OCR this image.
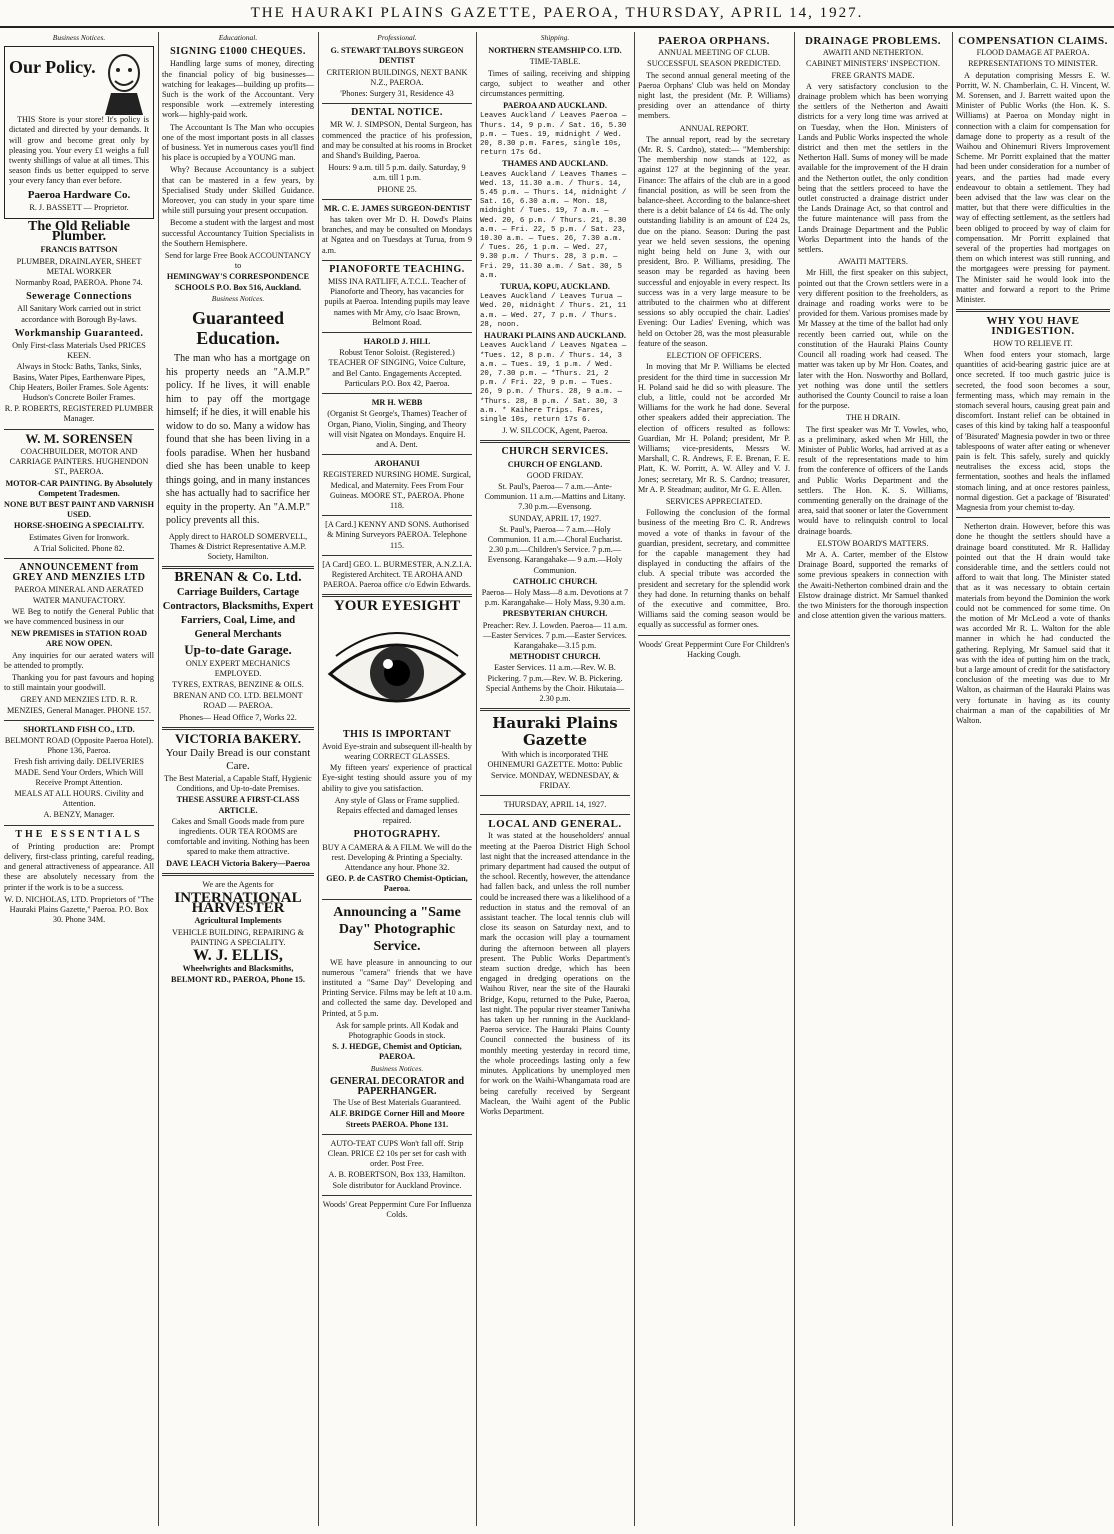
THE HAURAKI PLAINS GAZETTE, PAEROA, THURSDAY, APRIL 14, 1927.
Business Notices.
Our Policy.
THIS Store is your store! It's policy is dictated and directed by your demands. It will grow and become great only by pleasing you. Your every £1 weighs a full twenty shillings of value at all times. This season finds us better equipped to serve your every fancy than ever before.
Paeroa Hardware Co.
R. J. BASSETT — Proprietor.
The Old Reliable Plumber.
FRANCIS BATTSON
PLUMBER, DRAINLAYER, SHEET METAL WORKER
Normanby Road, PAEROA. Phone 74.
Sewerage Connections
All Sanitary Work carried out in strict accordance with Borough By-laws.
Workmanship Guaranteed.
Only First-class Materials Used PRICES KEEN.
Always in Stock: Baths, Tanks, Sinks, Basins, Water Pipes, Earthenware Pipes, Chip Heaters, Boiler Frames. Sole Agents: Hudson's Concrete Boiler Frames.
R. P. ROBERTS, REGISTERED PLUMBER Manager.
W. M. SORENSEN
COACHBUILDER, MOTOR AND CARRIAGE PAINTERS. HUGHENDON ST., PAEROA.
MOTOR-CAR PAINTING. By Absolutely Competent Tradesmen.
NONE BUT BEST PAINT AND VARNISH USED.
HORSE-SHOEING A SPECIALITY.
Estimates Given for Ironwork.
A Trial Solicited. Phone 82.
ANNOUNCEMENT from GREY AND MENZIES LTD
PAEROA MINERAL AND AERATED WATER MANUFACTORY.
WE Beg to notify the General Public that we have commenced business in our
NEW PREMISES in STATION ROAD ARE NOW OPEN.
Any inquiries for our aerated waters will be attended to promptly.
Thanking you for past favours and hoping to still maintain your goodwill.
GREY AND MENZIES LTD. R. R. MENZIES, General Manager. PHONE 157.
SHORTLAND FISH CO., LTD.
BELMONT ROAD (Opposite Paeroa Hotel). Phone 136, Paeroa.
Fresh fish arriving daily. DELIVERIES MADE. Send Your Orders, Which Will Receive Prompt Attention.
MEALS AT ALL HOURS. Civility and Attention.
A. BENZY, Manager.
THE ESSENTIALS
of Printing production are: Prompt delivery, first-class printing, careful reading, and general attractiveness of appearance. All these are absolutely necessary from the printer if the work is to be a success.
W. D. NICHOLAS, LTD. Proprietors of "The Hauraki Plains Gazette," Paeroa. P.O. Box 30. Phone 34M.
Educational.
SIGNING £1000 CHEQUES.
Handling large sums of money, directing the financial policy of big businesses—watching for leakages—building up profits— Such is the work of the Accountant. Very responsible work —extremely interesting work— highly-paid work.
The Accountant Is The Man who occupies one of the most important posts in all classes of business. Yet in numerous cases you'll find his place is occupied by a YOUNG man.
Why? Because Accountancy is a subject that can be mastered in a few years, by Specialised Study under Skilled Guidance. Moreover, you can study in your spare time while still pursuing your present occupation.
Become a student with the largest and most successful Accountancy Tuition Specialists in the Southern Hemisphere.
Send for large Free Book ACCOUNTANCY to
HEMINGWAY'S CORRESPONDENCE SCHOOLS P.O. Box 516, Auckland.
Business Notices.
Guaranteed Education.
The man who has a mortgage on his property needs an "A.M.P." policy. If he lives, it will enable him to pay off the mortgage himself; if he dies, it will enable his widow to do so. Many a widow has found that she has been living in a fools paradise. When her husband died she has been unable to keep things going, and in many instances she has actually had to sacrifice her equity in the property. An "A.M.P." policy prevents all this.
Apply direct to HAROLD SOMERVELL, Thames & District Representative A.M.P. Society, Hamilton.
BRENAN & Co. Ltd.
Carriage Builders, Cartage Contractors, Blacksmiths, Expert Farriers, Coal, Lime, and General Merchants
Up-to-date Garage.
ONLY EXPERT MECHANICS EMPLOYED.
TYRES, EXTRAS, BENZINE & OILS.
BRENAN AND CO. LTD. BELMONT ROAD — PAEROA.
Phones— Head Office 7, Works 22.
VICTORIA BAKERY.
Your Daily Bread is our constant Care.
The Best Material, a Capable Staff, Hygienic Conditions, and Up-to-date Premises.
THESE ASSURE A FIRST-CLASS ARTICLE.
Cakes and Small Goods made from pure ingredients. OUR TEA ROOMS are comfortable and inviting. Nothing has been spared to make them attractive.
DAVE LEACH Victoria Bakery—Paeroa
We are the Agents for
INTERNATIONAL HARVESTER
Agricultural Implements
VEHICLE BUILDING, REPAIRING & PAINTING A SPECIALITY.
W. J. ELLIS,
Wheelwrights and Blacksmiths,
BELMONT RD., PAEROA, Phone 15.
Professional.
G. STEWART TALBOYS SURGEON DENTIST
CRITERION BUILDINGS, NEXT BANK N.Z., PAEROA.
'Phones: Surgery 31, Residence 43
DENTAL NOTICE.
MR W. J. SIMPSON, Dental Surgeon, has commenced the practice of his profession, and may be consulted at his rooms in Brocket and Shand's Building, Paeroa.
Hours: 9 a.m. till 5 p.m. daily. Saturday, 9 a.m. till 1 p.m.
PHONE 25.
MR. C. E. JAMES SURGEON-DENTIST
has taken over Mr D. H. Dowd's Plains branches, and may be consulted on Mondays at Ngatea and on Tuesdays at Turua, from 9 a.m.
PIANOFORTE TEACHING.
MISS INA RATLIFF, A.T.C.L. Teacher of Pianoforte and Theory, has vacancies for pupils at Paeroa. Intending pupils may leave names with Mr Amy, c/o Isaac Brown, Belmont Road.
HAROLD J. HILL
Robust Tenor Soloist. (Registered.) TEACHER OF SINGING, Voice Culture, and Bel Canto. Engagements Accepted. Particulars P.O. Box 42, Paeroa.
MR H. WEBB
(Organist St George's, Thames) Teacher of Organ, Piano, Violin, Singing, and Theory will visit Ngatea on Mondays. Enquire H. and A. Dent.
AROHANUI
REGISTERED NURSING HOME. Surgical, Medical, and Maternity. Fees From Four Guineas. MOORE ST., PAEROA. Phone 118.
[A Card.] KENNY AND SONS. Authorised & Mining Surveyors PAEROA. Telephone 115.
[A Card] GEO. L. BURMESTER, A.N.Z.I.A. Registered Architect. TE AROHA AND PAEROA. Paeroa office c/o Edwin Edwards.
YOUR EYESIGHT
THIS IS IMPORTANT
Avoid Eye-strain and subsequent ill-health by wearing CORRECT GLASSES.
My fifteen years' experience of practical Eye-sight testing should assure you of my ability to give you satisfaction.
Any style of Glass or Frame supplied. Repairs effected and damaged lenses repaired.
PHOTOGRAPHY.
BUY A CAMERA & A FILM. We will do the rest. Developing & Printing a Specialty. Attendance any hour. Phone 32.
GEO. P. de CASTRO Chemist-Optician, Paeroa.
Announcing a "Same Day" Photographic Service.
WE have pleasure in announcing to our numerous "camera" friends that we have instituted a "Same Day" Developing and Printing Service. Films may be left at 10 a.m. and collected the same day. Developed and Printed, at 5 p.m.
Ask for sample prints. All Kodak and Photographic Goods in stock.
S. J. HEDGE, Chemist and Optician, PAEROA.
Business Notices.
GENERAL DECORATOR and PAPERHANGER.
The Use of Best Materials Guaranteed.
ALF. BRIDGE Corner Hill and Moore Streets PAEROA. Phone 131.
AUTO-TEAT CUPS Won't fall off. Strip Clean. PRICE £2 10s per set for cash with order. Post Free.
A. B. ROBERTSON, Box 133, Hamilton. Sole distributor for Auckland Province.
Woods' Great Peppermint Cure For Influenza Colds.
Shipping.
NORTHERN STEAMSHIP CO. LTD.
TIME-TABLE.
Times of sailing, receiving and shipping cargo, subject to weather and other circumstances permitting.
PAEROA AND AUCKLAND.
Leaves Auckland / Leaves Paeroa — Thurs. 14, 9 p.m. / Sat. 16, 5.30 p.m. — Tues. 19, midnight / Wed. 20, 8.30 p.m. Fares, single 10s, return 17s 6d.
THAMES AND AUCKLAND.
Leaves Auckland / Leaves Thames — Wed. 13, 11.30 a.m. / Thurs. 14, 5.45 p.m. — Thurs. 14, midnight / Sat. 16, 6.30 a.m. — Mon. 18, midnight / Tues. 19, 7 a.m. — Wed. 20, 6 p.m. / Thurs. 21, 8.30 a.m. — Fri. 22, 5 p.m. / Sat. 23, 10.30 a.m. — Tues. 26, 7.30 a.m. / Tues. 26, 1 p.m. — Wed. 27, 9.30 p.m. / Thurs. 28, 3 p.m. — Fri. 29, 11.30 a.m. / Sat. 30, 5 a.m.
TURUA, KOPU, AUCKLAND.
Leaves Auckland / Leaves Turua — Wed. 20, midnight / Thurs. 21, 11 a.m. — Wed. 27, 7 p.m. / Thurs. 28, noon.
HAURAKI PLAINS AND AUCKLAND.
Leaves Auckland / Leaves Ngatea — *Tues. 12, 8 p.m. / Thurs. 14, 3 a.m. — Tues. 19, 1 p.m. / Wed. 20, 7.30 p.m. — *Thurs. 21, 2 p.m. / Fri. 22, 9 p.m. — Tues. 26, 9 p.m. / Thurs. 28, 9 a.m. — *Thurs. 28, 8 p.m. / Sat. 30, 3 a.m. * Kaihere Trips. Fares, single 10s, return 17s 6.
J. W. SILCOCK, Agent, Paeroa.
CHURCH SERVICES.
CHURCH OF ENGLAND.
GOOD FRIDAY.
St. Paul's, Paeroa— 7 a.m.—Ante-Communion. 11 a.m.—Mattins and Litany. 7.30 p.m.—Evensong.
SUNDAY, APRIL 17, 1927.
St. Paul's, Paeroa— 7 a.m.—Holy Communion. 11 a.m.—Choral Eucharist. 2.30 p.m.—Children's Service. 7 p.m.—Evensong. Karangahake— 9 a.m.—Holy Communion.
CATHOLIC CHURCH.
Paeroa— Holy Mass—8 a.m. Devotions at 7 p.m. Karangahake— Holy Mass, 9.30 a.m.
PRESBYTERIAN CHURCH.
Preacher: Rev. J. Lowden. Paeroa— 11 a.m.—Easter Services. 7 p.m.—Easter Services. Karangahake—3.15 p.m.
METHODIST CHURCH.
Easter Services. 11 a.m.—Rev. W. B. Pickering. 7 p.m.—Rev. W. B. Pickering. Special Anthems by the Choir. Hikutaia—2.30 p.m.
Hauraki Plains Gazette
With which is incorporated THE OHINEMURI GAZETTE. Motto: Public Service. MONDAY, WEDNESDAY, & FRIDAY.
THURSDAY, APRIL 14, 1927.
LOCAL AND GENERAL.
It was stated at the householders' annual meeting at the Paeroa District High School last night that the increased attendance in the primary department had caused the output of the school. Recently, however, the attendance had fallen back, and unless the roll number could be increased there was a likelihood of a reduction in status and the removal of an assistant teacher. The local tennis club will close its season on Saturday next, and to mark the occasion will play a tournament during the afternoon between all players present. The Public Works Department's steam suction dredge, which has been engaged in dredging operations on the Waihou River, near the site of the Hauraki Bridge, Kopu, returned to the Puke, Paeroa, last night. The popular river steamer Taniwha has taken up her running in the Auckland-Paeroa service. The Hauraki Plains County Council connected the business of its monthly meeting yesterday in record time, the whole proceedings lasting only a few minutes. Applications by unemployed men for work on the Waihi-Whangamata road are being carefully received by Sergeant Maclean, the Waihi agent of the Public Works Department.
PAEROA ORPHANS.
ANNUAL MEETING OF CLUB.
SUCCESSFUL SEASON PREDICTED.
The second annual general meeting of the Paeroa Orphans' Club was held on Monday night last, the president (Mr. P. Williams) presiding over an attendance of thirty members.
ANNUAL REPORT.
The annual report, read by the secretary (Mr. R. S. Cardno), stated:— "Membership: The membership now stands at 122, as against 127 at the beginning of the year. Finance: The affairs of the club are in a good financial position, as will be seen from the balance-sheet. According to the balance-sheet there is a debit balance of £4 6s 4d. The only outstanding liability is an amount of £24 2s, due on the piano. Season: During the past year we held seven sessions, the opening night being held on June 3, with our president, Bro. P. Williams, presiding. The season may be regarded as having been successful and enjoyable in every respect. Its success was in a very large measure to be attributed to the chairmen who at different sessions so ably occupied the chair. Ladies' Evening: Our Ladies' Evening, which was held on October 28, was the most pleasurable feature of the season.
ELECTION OF OFFICERS.
In moving that Mr P. Williams be elected president for the third time in succession Mr H. Poland said he did so with pleasure. The club, a little, could not be accorded Mr Williams for the work he had done. Several other speakers added their appreciation. The election of officers resulted as follows: Guardian, Mr H. Poland; president, Mr P. Williams; vice-presidents, Messrs W. Marshall, C. R. Andrews, F. E. Brenan, F. E. Platt, K. W. Porritt, A. W. Alley and V. J. Jones; secretary, Mr R. S. Cardno; treasurer, Mr A. P. Steadman; auditor, Mr G. E. Allen.
SERVICES APPRECIATED.
Following the conclusion of the formal business of the meeting Bro C. R. Andrews moved a vote of thanks in favour of the guardian, president, secretary, and committee for the capable management they had displayed in conducting the affairs of the club. A special tribute was accorded the president and secretary for the splendid work they had done. In returning thanks on behalf of the executive and committee, Bro. Williams said the coming season would be equally as successful as former ones.
Woods' Great Peppermint Cure For Children's Hacking Cough.
DRAINAGE PROBLEMS.
AWAITI AND NETHERTON.
CABINET MINISTERS' INSPECTION.
FREE GRANTS MADE.
A very satisfactory conclusion to the drainage problem which has been worrying the settlers of the Netherton and Awaiti districts for a very long time was arrived at on Tuesday, when the Hon. Ministers of Lands and Public Works inspected the whole district and then met the settlers in the Netherton Hall. Sums of money will be made available for the improvement of the H drain and the Netherton outlet, the only condition being that the settlers proceed to have the outlet constructed a drainage district under the Lands Drainage Act, so that control and the future maintenance will pass from the Lands Drainage Department and the Public Works Department into the hands of the settlers.
AWAITI MATTERS.
Mr Hill, the first speaker on this subject, pointed out that the Crown settlers were in a very different position to the freeholders, as drainage and roading works were to be provided for them. Various promises made by Mr Massey at the time of the ballot had only recently been carried out, while on the constitution of the Hauraki Plains County Council all roading work had ceased. The matter was taken up by Mr Hon. Coates, and later with the Hon. Nosworthy and Bollard, yet nothing was done until the settlers authorised the County Council to raise a loan for the purpose.
THE H DRAIN.
The first speaker was Mr T. Vowles, who, as a preliminary, asked when Mr Hill, the Minister of Public Works, had arrived at as a result of the representations made to him from the conference of officers of the Lands and Public Works Department and the settlers. The Hon. K. S. Williams, commenting generally on the drainage of the area, said that sooner or later the Government would have to relinquish control to local drainage boards.
ELSTOW BOARD'S MATTERS.
Mr A. A. Carter, member of the Elstow Drainage Board, supported the remarks of some previous speakers in connection with the Awaiti-Netherton combined drain and the Elstow drainage district. Mr Samuel thanked the two Ministers for the thorough inspection and close attention given the various matters.
COMPENSATION CLAIMS.
FLOOD DAMAGE AT PAEROA.
REPRESENTATIONS TO MINISTER.
A deputation comprising Messrs E. W. Porritt, W. N. Chamberlain, C. H. Vincent, W. M. Sorensen, and J. Barrett waited upon the Minister of Public Works (the Hon. K. S. Williams) at Paeroa on Monday night in connection with a claim for compensation for damage done to property as a result of the Waihou and Ohinemuri Rivers Improvement Scheme. Mr Porritt explained that the matter had been under consideration for a number of years, and the parties had made every endeavour to obtain a settlement. They had been advised that the law was clear on the matter, but that there were difficulties in the way of effecting settlement, as the settlers had been obliged to proceed by way of claim for compensation. Mr Porritt explained that several of the properties had mortgages on them on which interest was still running, and the mortgagees were pressing for payment. The Minister said he would look into the matter and forward a report to the Prime Minister.
WHY YOU HAVE INDIGESTION.
HOW TO RELIEVE IT.
When food enters your stomach, large quantities of acid-bearing gastric juice are at once secreted. If too much gastric juice is secreted, the food soon becomes a sour, fermenting mass, which may remain in the stomach several hours, causing great pain and discomfort. Instant relief can be obtained in cases of this kind by taking half a teaspoonful of 'Bisurated' Magnesia powder in two or three tablespoons of water after eating or whenever pain is felt. This safely, surely and quickly neutralises the excess acid, stops the fermentation, soothes and heals the inflamed stomach lining, and at once restores painless, normal digestion. Get a package of 'Bisurated' Magnesia from your chemist to-day.
Netherton drain. However, before this was done he thought the settlers should have a drainage board constituted. Mr R. Halliday pointed out that the H drain would take considerable time, and the settlers could not afford to wait that long. The Minister stated that as it was necessary to obtain certain materials from beyond the Dominion the work could not be commenced for some time. On the motion of Mr McLeod a vote of thanks was accorded Mr R. L. Walton for the able manner in which he had conducted the gathering. Replying, Mr Samuel said that it was with the idea of putting him on the track, but a large amount of credit for the satisfactory conclusion of the meeting was due to Mr Walton, as chairman of the Hauraki Plains was very fortunate in having as its county chairman a man of the capabilities of Mr Walton.
